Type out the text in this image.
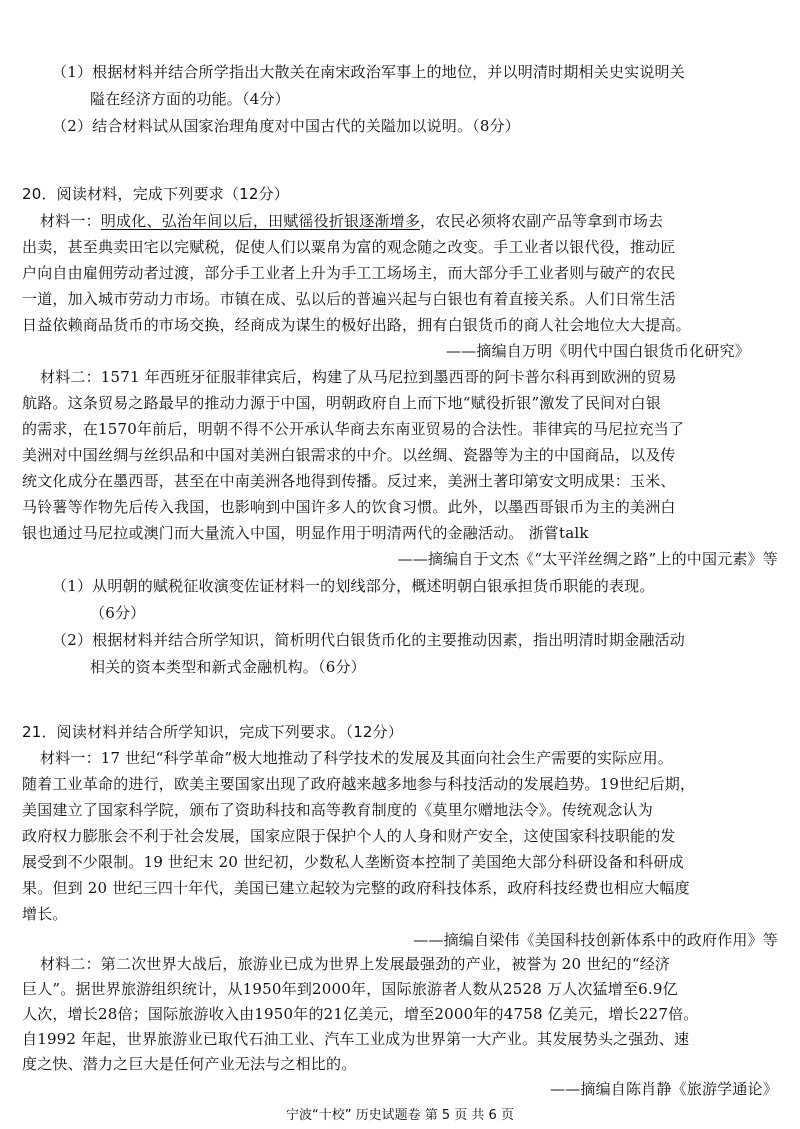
（1）根据材料并结合所学指出大散关在南宋政治军事上的地位，并以明清时期相关史实说明关
隘在经济方面的功能。（4分）
（2）结合材料试从国家治理角度对中国古代的关隘加以说明。（8分）
20．阅读材料，完成下列要求（12分）
材料一：明成化、弘治年间以后，田赋徭役折银逐渐增多，农民必须将农副产品等拿到市场去
出卖，甚至典卖田宅以完赋税，促使人们以粟帛为富的观念随之改变。手工业者以银代役，推动匠
户向自由雇佣劳动者过渡，部分手工业者上升为手工工场场主，而大部分手工业者则与破产的农民
一道，加入城市劳动力市场。市镇在成、弘以后的普遍兴起与白银也有着直接关系。人们日常生活
日益依赖商品货币的市场交换，经商成为谋生的极好出路，拥有白银货币的商人社会地位大大提高。
——摘编自万明《明代中国白银货币化研究》
材料二：1571 年西班牙征服菲律宾后，构建了从马尼拉到墨西哥的阿卡普尔科再到欧洲的贸易
航路。这条贸易之路最早的推动力源于中国，明朝政府自上而下地“赋役折银”激发了民间对白银
的需求，在1570年前后，明朝不得不公开承认华商去东南亚贸易的合法性。菲律宾的马尼拉充当了
美洲对中国丝绸与丝织品和中国对美洲白银需求的中介。以丝绸、瓷器等为主的中国商品，以及传
统文化成分在墨西哥，甚至在中南美洲各地得到传播。反过来，美洲土著印第安文明成果：玉米、
马铃薯等作物先后传入我国，也影响到中国许多人的饮食习惯。此外，以墨西哥银币为主的美洲白
银也通过马尼拉或澳门而大量流入中国，明显作用于明清两代的金融活动。 浙嘗talk
——摘编自于文杰《“太平洋丝绸之路”上的中国元素》等
（1）从明朝的赋税征收演变佐证材料一的划线部分，概述明朝白银承担货币职能的表现。
（6分）
（2）根据材料并结合所学知识，简析明代白银货币化的主要推动因素，指出明清时期金融活动
相关的资本类型和新式金融机构。（6分）
21．阅读材料并结合所学知识，完成下列要求。（12分）
材料一：17 世纪“科学革命”极大地推动了科学技术的发展及其面向社会生产需要的实际应用。
随着工业革命的进行，欧美主要国家出现了政府越来越多地参与科技活动的发展趋势。19世纪后期，
美国建立了国家科学院，颁布了资助科技和高等教育制度的《莫里尔赠地法令》。传统观念认为
政府权力膨胀会不利于社会发展，国家应限于保护个人的人身和财产安全，这使国家科技职能的发
展受到不少限制。19 世纪末 20 世纪初，少数私人垄断资本控制了美国绝大部分科研设备和科研成
果。但到 20 世纪三四十年代，美国已建立起较为完整的政府科技体系，政府科技经费也相应大幅度
增长。
——摘编自梁伟《美国科技创新体系中的政府作用》等
材料二：第二次世界大战后，旅游业已成为世界上发展最强劲的产业，被誉为 20 世纪的“经济
巨人”。据世界旅游组织统计，从1950年到2000年，国际旅游者人数从2528 万人次猛增至6.9亿
人次，增长28倍；国际旅游收入由1950年的21亿美元，增至2000年的4758 亿美元，增长227倍。
自1992 年起，世界旅游业已取代石油工业、汽车工业成为世界第一大产业。其发展势头之强劲、速
度之快、潜力之巨大是任何产业无法与之相比的。
——摘编自陈肖静《旅游学通论》
宁波“十校” 历史试题卷 第 5 页 共 6 页
